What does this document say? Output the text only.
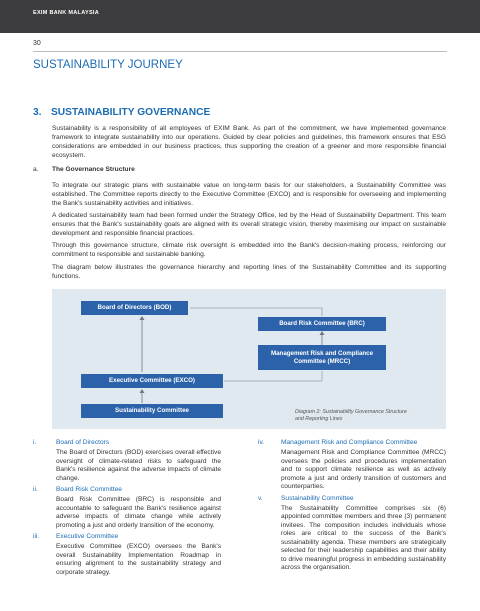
EXIM BANK MALAYSIA
30
SUSTAINABILITY JOURNEY
3. SUSTAINABILITY GOVERNANCE

Sustainability is a responsibility of all employees of EXIM Bank. As part of the commitment, we have implemented governance framework to integrate sustainability into our operations. Guided by clear policies and guidelines, this framework ensures that ESG considerations are embedded in our business practices, thus supporting the creation of a greener and more responsible financial ecosystem.

a. The Governance Structure

To integrate our strategic plans with sustainable value on long-term basis for our stakeholders, a Sustainability Committee was established. The Committee reports directly to the Executive Committee (EXCO) and is responsible for overseeing and implementing the Bank's sustainability activities and initiatives.

A dedicated sustainability team had been formed under the Strategy Office, led by the Head of Sustainability Department. This team ensures that the Bank's sustainability goals are aligned with its overall strategic vision, thereby maximising our impact on sustainable development and responsible financial practices.

Through this governance structure, climate risk oversight is embedded into the Bank's decision-making process, reinforcing our commitment to responsible and sustainable banking.

The diagram below illustrates the governance hierarchy and reporting lines of the Sustainability Committee and its supporting functions.

Board of Directors (BOD)
Board Risk Committee (BRC)
Management Risk and Compliance
Committee (MRCC)
Executive Committee (EXCO)
Sustainability Committee	Diagram 2: Sustainability Governance Structure
and Reporting Lines

i.	Board of Directors

The Board of Directors (BOD) exercises overall effective oversight of climate-related risks to safeguard the Bank's resilience against the adverse impacts of climate change.

ii.	Board Risk Committee

Board Risk Committee (BRC) is responsible and accountable to safeguard the Bank's resilience against adverse impacts of climate change while actively promoting a just and orderly transition of the economy.

iii.	Executive Committee

Executive Committee (EXCO) oversees the Bank's overall Sustainability Implementation Roadmap in ensuring alignment to the sustainability strategy and corporate strategy.

iv.	Management Risk and Compliance Committee

Management Risk and Compliance Committee (MRCC) oversees the policies and procedures implementation and to support climate resilience as well as actively promote a just and orderly transition of customers and counterparties.

v.	Sustainability Committee

The Sustainability Committee comprises six (6) appointed committee members and three (3) permanent invitees. The composition includes individuals whose roles are critical to the success of the Bank's sustainability agenda. These members are strategically selected for their leadership capabilities and their ability to drive meaningful progress in embedding sustainability across the organisation.
